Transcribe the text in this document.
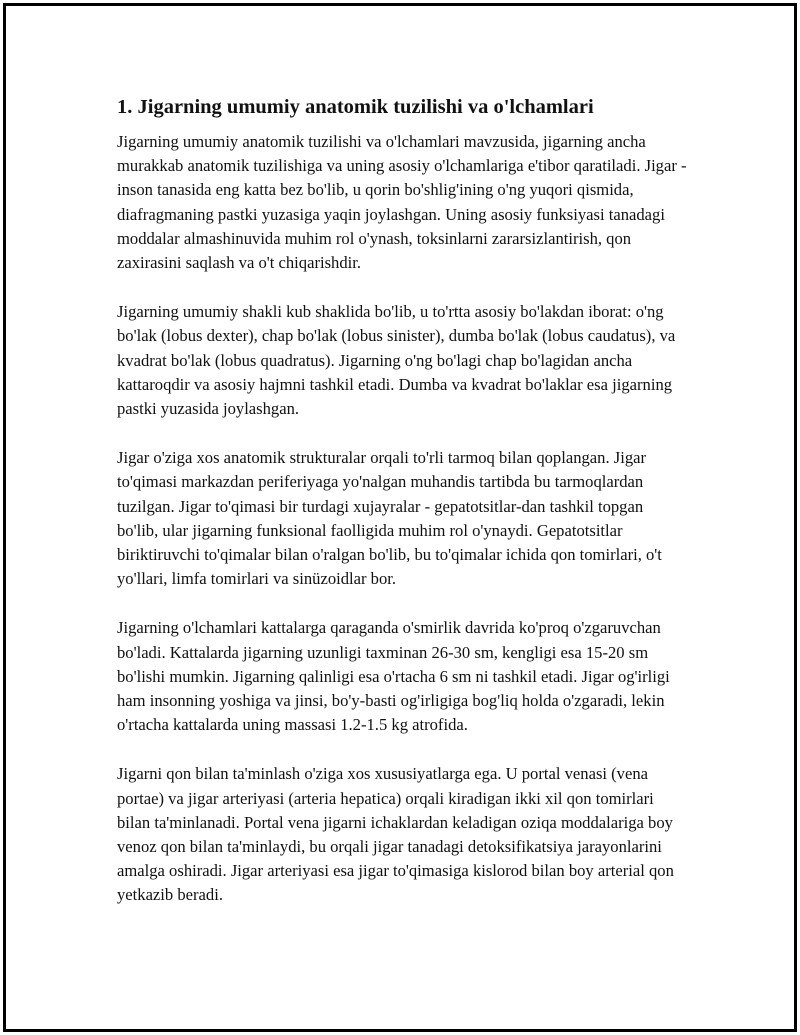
1. Jigarning umumiy anatomik tuzilishi va o'lchamlari

Jigarning umumiy anatomik tuzilishi va o'lchamlari mavzusida, jigarning ancha murakkab anatomik tuzilishiga va uning asosiy o'lchamlariga e'tibor qaratiladi. Jigar - inson tanasida eng katta bez bo'lib, u qorin bo'shlig'ining o'ng yuqori qismida, diafragmaning pastki yuzasiga yaqin joylashgan. Uning asosiy funksiyasi tanadagi moddalar almashinuvida muhim rol o'ynash, toksinlarni zararsizlantirish, qon zaxirasini saqlash va o't chiqarishdir.

Jigarning umumiy shakli kub shaklida bo'lib, u to'rtta asosiy bo'lakdan iborat: o'ng bo'lak (lobus dexter), chap bo'lak (lobus sinister), dumba bo'lak (lobus caudatus), va kvadrat bo'lak (lobus quadratus). Jigarning o'ng bo'lagi chap bo'lagidan ancha kattaroqdir va asosiy hajmni tashkil etadi. Dumba va kvadrat bo'laklar esa jigarning pastki yuzasida joylashgan.

Jigar o'ziga xos anatomik strukturalar orqali to'rli tarmoq bilan qoplangan. Jigar to'qimasi markazdan periferiyaga yo'nalgan muhandis tartibda bu tarmoqlardan tuzilgan. Jigar to'qimasi bir turdagi xujayralar - gepatotsitlar-dan tashkil topgan bo'lib, ular jigarning funksional faolligida muhim rol o'ynaydi. Gepatotsitlar biriktiruvchi to'qimalar bilan o'ralgan bo'lib, bu to'qimalar ichida qon tomirlari, o't yo'llari, limfa tomirlari va sinüzoidlar bor.

Jigarning o'lchamlari kattalarga qaraganda o'smirlik davrida ko'proq o'zgaruvchan bo'ladi. Kattalarda jigarning uzunligi taxminan 26-30 sm, kengligi esa 15-20 sm bo'lishi mumkin. Jigarning qalinligi esa o'rtacha 6 sm ni tashkil etadi. Jigar og'irligi ham insonning yoshiga va jinsi, bo'y-basti og'irligiga bog'liq holda o'zgaradi, lekin o'rtacha kattalarda uning massasi 1.2-1.5 kg atrofida.

Jigarni qon bilan ta'minlash o'ziga xos xususiyatlarga ega. U portal venasi (vena portae) va jigar arteriyasi (arteria hepatica) orqali kiradigan ikki xil qon tomirlari bilan ta'minlanadi. Portal vena jigarni ichaklardan keladigan oziqa moddalariga boy venoz qon bilan ta'minlaydi, bu orqali jigar tanadagi detoksifikatsiya jarayonlarini amalga oshiradi. Jigar arteriyasi esa jigar to'qimasiga kislorod bilan boy arterial qon yetkazib beradi.
